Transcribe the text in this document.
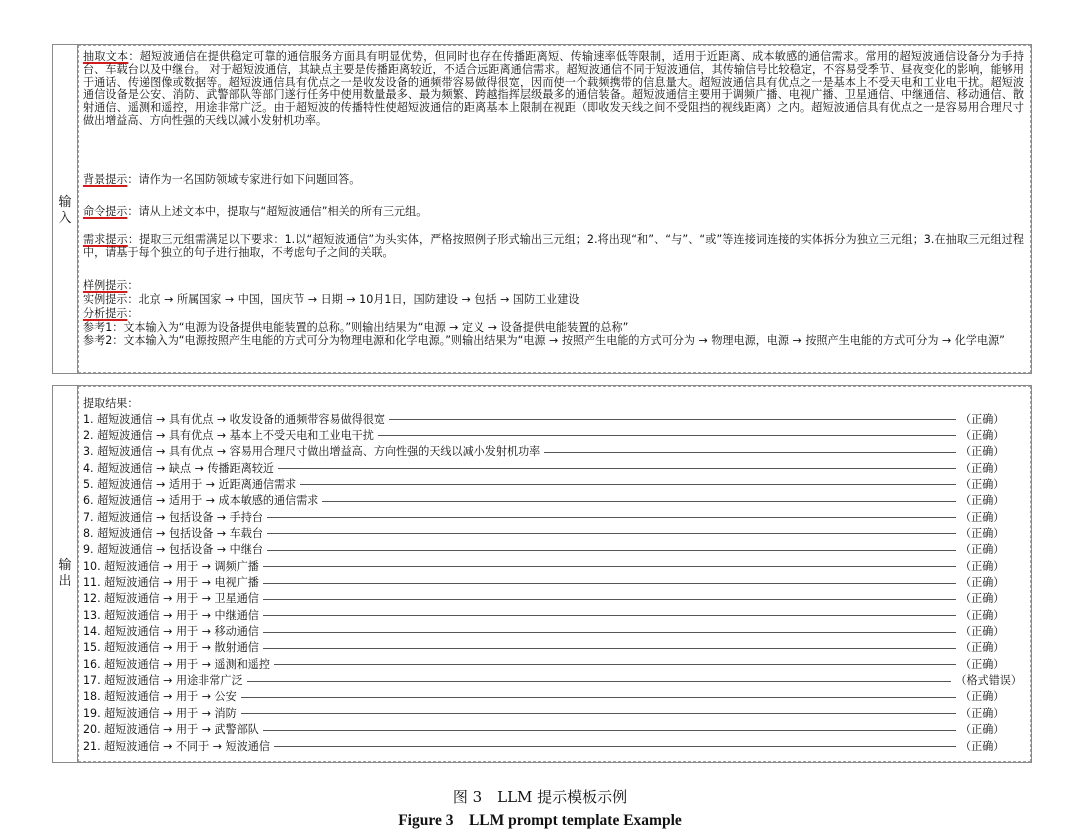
输
入
抽取文本：超短波通信在提供稳定可靠的通信服务方面具有明显优势，但同时也存在传播距离短、传输速率低等限制，适用于近距离、成本敏感的通信需求。常用的超短波通信设备分为手持台、车载台以及中继台。 对于超短波通信，其缺点主要是传播距离较近，不适合远距离通信需求。超短波通信不同于短波通信，其传输信号比较稳定，不容易受季节、昼夜变化的影响，能够用于通话、传递图像或数据等。超短波通信具有优点之一是收发设备的通频带容易做得很宽，因而使一个载频携带的信息量大。超短波通信具有优点之一是基本上不受天电和工业电干扰。超短波通信设备是公安、消防、武警部队等部门遂行任务中使用数量最多、最为频繁、跨越指挥层级最多的通信装备。超短波通信主要用于调频广播、电视广播、卫星通信、中继通信、移动通信、散射通信、遥测和遥控，用途非常广泛。由于超短波的传播特性使超短波通信的距离基本上限制在视距（即收发天线之间不受阻挡的视线距离）之内。超短波通信具有优点之一是容易用合理尺寸做出增益高、方向性强的天线以减小发射机功率。
背景提示：请作为一名国防领域专家进行如下问题回答。
命令提示：请从上述文本中，提取与“超短波通信”相关的所有三元组。
需求提示：提取三元组需满足以下要求：1.以“超短波通信”为头实体，严格按照例子形式输出三元组；2.将出现“和”、“与”、“或”等连接词连接的实体拆分为独立三元组；3.在抽取三元组过程中，请基于每个独立的句子进行抽取，不考虑句子之间的关联。
样例提示：
实例提示：北京 → 所属国家 → 中国，国庆节 → 日期 → 10月1日，国防建设 → 包括 → 国防工业建设
分析提示：
参考1：文本输入为“电源为设备提供电能装置的总称。”则输出结果为“电源 → 定义 → 设备提供电能装置的总称”
参考2：文本输入为“电源按照产生电能的方式可分为物理电源和化学电源。”则输出结果为“电源 → 按照产生电能的方式可分为 → 物理电源，电源 → 按照产生电能的方式可分为 → 化学电源”
输
出
提取结果：
1. 超短波通信 → 具有优点 → 收发设备的通频带容易做得很宽	（正确）
2. 超短波通信 → 具有优点 → 基本上不受天电和工业电干扰	（正确）
3. 超短波通信 → 具有优点 → 容易用合理尺寸做出增益高、方向性强的天线以减小发射机功率	（正确）
4. 超短波通信 → 缺点 → 传播距离较近	（正确）
5. 超短波通信 → 适用于 → 近距离通信需求	（正确）
6. 超短波通信 → 适用于 → 成本敏感的通信需求	（正确）
7. 超短波通信 → 包括设备 → 手持台	（正确）
8. 超短波通信 → 包括设备 → 车载台	（正确）
9. 超短波通信 → 包括设备 → 中继台	（正确）
10. 超短波通信 → 用于 → 调频广播	（正确）
11. 超短波通信 → 用于 → 电视广播	（正确）
12. 超短波通信 → 用于 → 卫星通信	（正确）
13. 超短波通信 → 用于 → 中继通信	（正确）
14. 超短波通信 → 用于 → 移动通信	（正确）
15. 超短波通信 → 用于 → 散射通信	（正确）
16. 超短波通信 → 用于 → 遥测和遥控	（正确）
17. 超短波通信 → 用途非常广泛	（格式错误）
18. 超短波通信 → 用于 → 公安	（正确）
19. 超短波通信 → 用于 → 消防	（正确）
20. 超短波通信 → 用于 → 武警部队	（正确）
21. 超短波通信 → 不同于 → 短波通信	（正确）
图 3　LLM 提示模板示例
Figure 3　LLM prompt template Example
